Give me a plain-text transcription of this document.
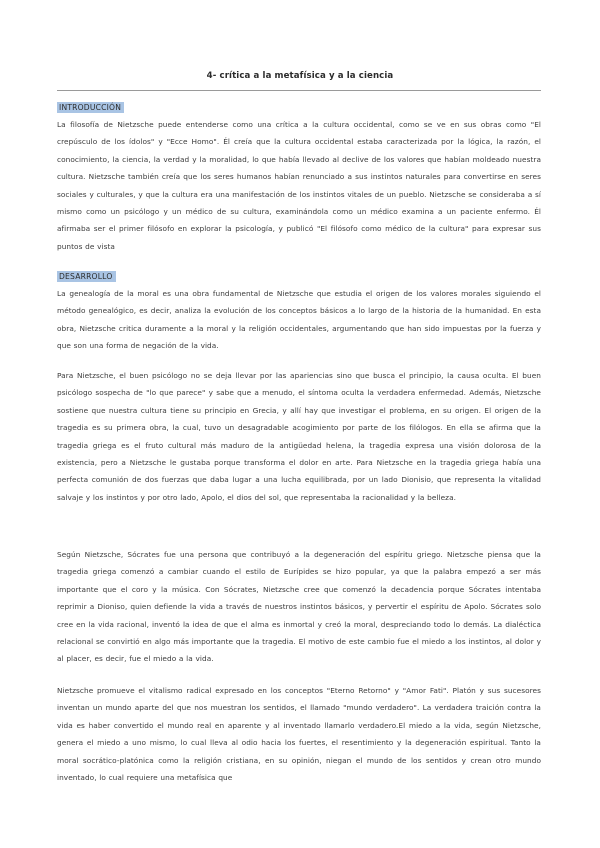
4- crítica a la metafísica y a la ciencia
INTRODUCCIÓN

La filosofía de Nietzsche puede entenderse como una crítica a la cultura occidental, como se ve en sus obras como "El crepúsculo de los ídolos" y "Ecce Homo". Él creía que la cultura occidental estaba caracterizada por la lógica, la razón, el conocimiento, la ciencia, la verdad y la moralidad, lo que había llevado al declive de los valores que habían moldeado nuestra cultura. Nietzsche también creía que los seres humanos habían renunciado a sus instintos naturales para convertirse en seres sociales y culturales, y que la cultura era una manifestación de los instintos vitales de un pueblo. Nietzsche se consideraba a sí mismo como un psicólogo y un médico de su cultura, examinándola como un médico examina a un paciente enfermo. Él afirmaba ser el primer filósofo en explorar la psicología, y publicó "El filósofo como médico de la cultura" para expresar sus puntos de vista

DESARROLLO

La genealogía de la moral es una obra fundamental de Nietzsche que estudia el origen de los valores morales siguiendo el método genealógico, es decir, analiza la evolución de los conceptos básicos a lo largo de la historia de la humanidad. En esta obra, Nietzsche critica duramente a la moral y la religión occidentales, argumentando que han sido impuestas por la fuerza y que son una forma de negación de la vida.

Para Nietzsche, el buen psicólogo no se deja llevar por las apariencias sino que busca el principio, la causa oculta. El buen psicólogo sospecha de "lo que parece" y sabe que a menudo, el síntoma oculta la verdadera enfermedad. Además, Nietzsche sostiene que nuestra cultura tiene su principio en Grecia, y allí hay que investigar el problema, en su origen. El origen de la tragedia es su primera obra, la cual, tuvo un desagradable acogimiento por parte de los filólogos. En ella se afirma que la tragedia griega es el fruto cultural más maduro de la antigüedad helena, la tragedia expresa una visión dolorosa de la existencia, pero a Nietzsche le gustaba porque transforma el dolor en arte. Para Nietzsche en la tragedia griega había una perfecta comunión de dos fuerzas que daba lugar a una lucha equilibrada, por un lado Dionisio, que representa la vitalidad salvaje y los instintos y por otro lado, Apolo, el dios del sol, que representaba la racionalidad y la belleza.

Según Nietzsche, Sócrates fue una persona que contribuyó a la degeneración del espíritu griego. Nietzsche piensa que la tragedia griega comenzó a cambiar cuando el estilo de Eurípides se hizo popular, ya que la palabra empezó a ser más importante que el coro y la música. Con Sócrates, Nietzsche cree que comenzó la decadencia porque Sócrates intentaba reprimir a Dioniso, quien defiende la vida a través de nuestros instintos básicos, y pervertir el espíritu de Apolo. Sócrates solo cree en la vida racional, inventó la idea de que el alma es inmortal y creó la moral, despreciando todo lo demás. La dialéctica relacional se convirtió en algo más importante que la tragedia. El motivo de este cambio fue el miedo a los instintos, al dolor y al placer, es decir, fue el miedo a la vida.

Nietzsche promueve el vitalismo radical expresado en los conceptos "Eterno Retorno" y "Amor Fati". Platón y sus sucesores inventan un mundo aparte del que nos muestran los sentidos, el llamado "mundo verdadero". La verdadera traición contra la vida es haber convertido el mundo real en aparente y al inventado llamarlo verdadero.El miedo a la vida, según Nietzsche, genera el miedo a uno mismo, lo cual lleva al odio hacia los fuertes, el resentimiento y la degeneración espiritual. Tanto la moral socrático-platónica como la religión cristiana, en su opinión, niegan el mundo de los sentidos y crean otro mundo inventado, lo cual requiere una metafísica que
